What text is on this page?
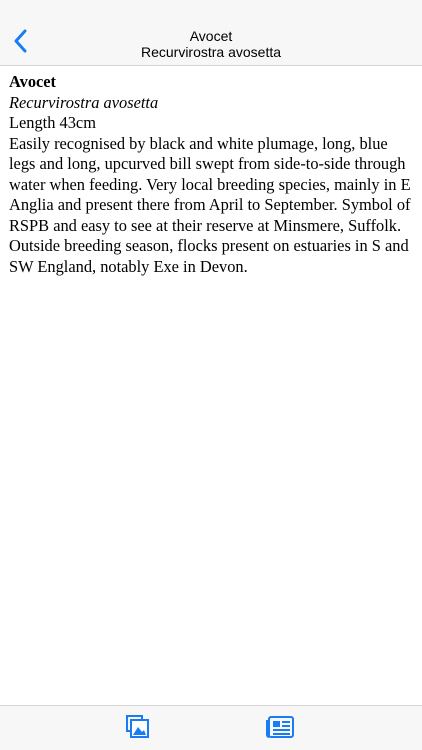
Avocet
Recurvirostra avosetta
Avocet
Recurvirostra avosetta
Length 43cm
Easily recognised by black and white plumage, long, blue legs and long, upcurved bill swept from side-to-side through water when feeding. Very local breeding species, mainly in E Anglia and present there from April to September. Symbol of RSPB and easy to see at their reserve at Minsmere, Suffolk. Outside breeding season, flocks present on estuaries in S and SW England, notably Exe in Devon.
